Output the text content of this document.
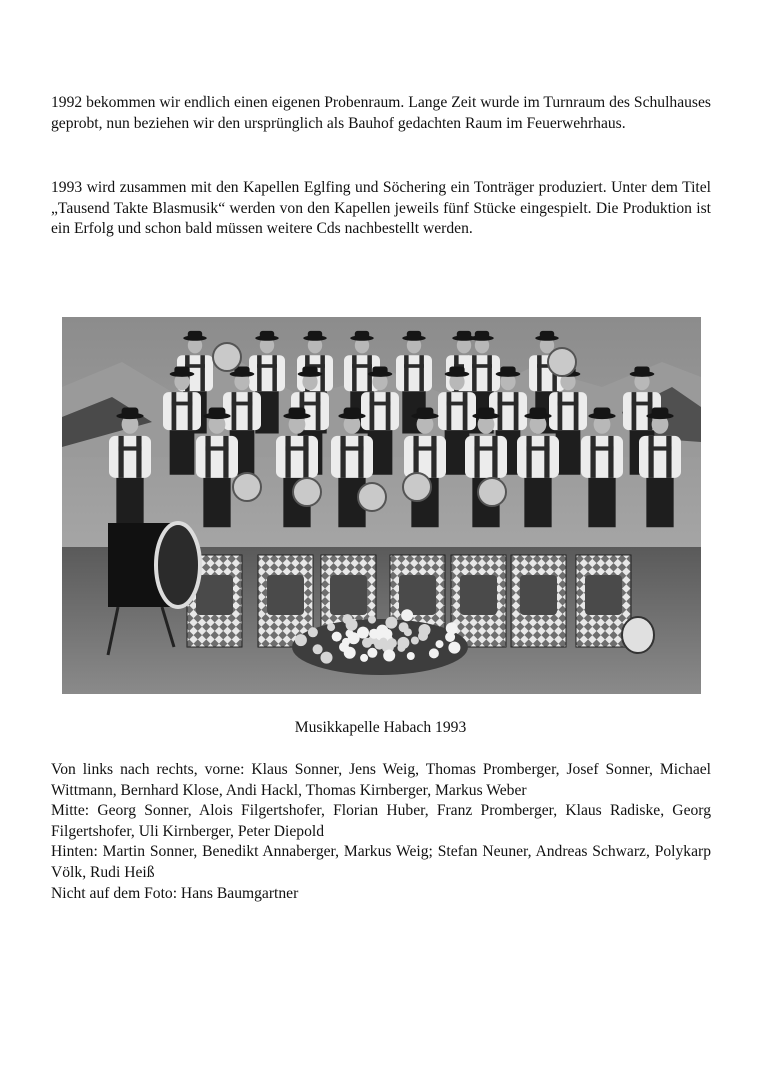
1992 bekommen wir endlich einen eigenen Probenraum. Lange Zeit wurde im Turnraum des Schulhauses geprobt, nun beziehen wir den ursprünglich als Bauhof gedachten Raum im Feuerwehrhaus.

1993 wird zusammen mit den Kapellen Eglfing und Söchering ein Tonträger produziert. Unter dem Titel „Tausend Takte Blasmusik“ werden von den Kapellen jeweils fünf Stücke eingespielt. Die Produktion ist ein Erfolg und schon bald müssen weitere Cds nachbestellt werden.

Musikkapelle Habach 1993

Von links nach rechts, vorne: Klaus Sonner, Jens Weig, Thomas Promberger, Josef Sonner, Michael Wittmann, Bernhard Klose, Andi Hackl, Thomas Kirnberger, Markus Weber

Mitte: Georg Sonner, Alois Filgertshofer, Florian Huber, Franz Promberger, Klaus Radiske, Georg Filgertshofer, Uli Kirnberger, Peter Diepold

Hinten: Martin Sonner, Benedikt Annaberger, Markus Weig; Stefan Neuner, Andreas Schwarz, Polykarp Völk, Rudi Heiß

Nicht auf dem Foto: Hans Baumgartner
